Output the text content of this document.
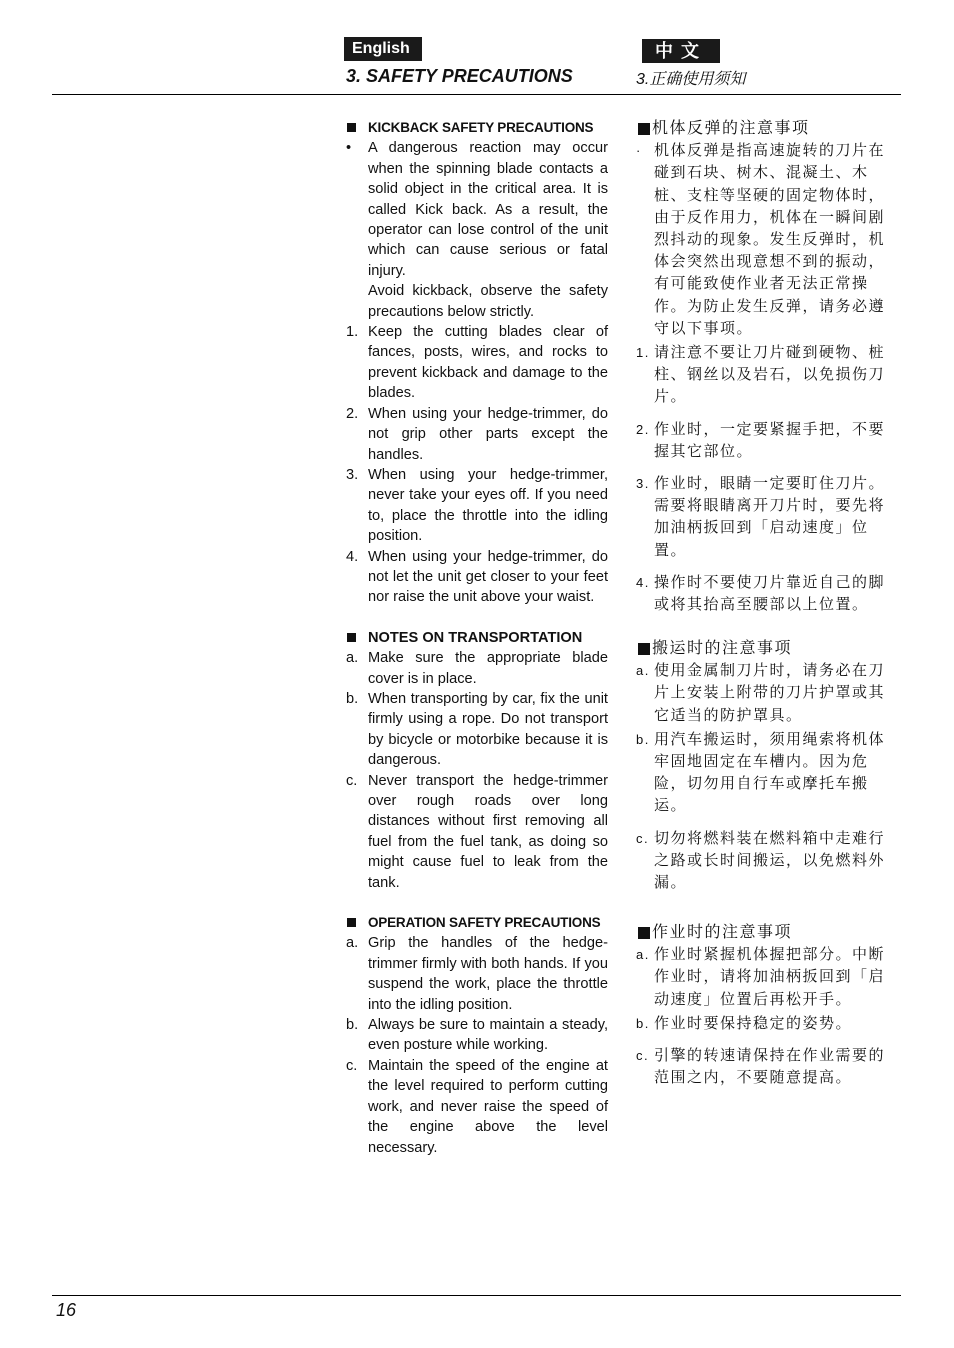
English	中文
3. SAFETY PRECAUTIONS	3.正确使用须知
KICKBACK SAFETY PRECAUTIONS
• A dangerous reaction may occur when the spinning blade contacts a solid object in the critical area. It is called Kick back. As a result, the operator can lose control of the unit which can cause serious or fatal injury.
Avoid kickback, observe the safety precautions below strictly.
1. Keep the cutting blades clear of fances, posts, wires, and rocks to prevent kickback and damage to the blades.
2. When using your hedge-trimmer, do not grip other parts except the handles.
3. When using your hedge-trimmer, never take your eyes off. If you need to, place the throttle into the idling position.
4. When using your hedge-trimmer, do not let the unit get closer to your feet nor raise the unit above your waist.
NOTES ON TRANSPORTATION
a. Make sure the appropriate blade cover is in place.
b. When transporting by car, fix the unit firmly using a rope. Do not transport by bicycle or motorbike because it is dangerous.
c. Never transport the hedge-trimmer over rough roads over long distances without first removing all fuel from the fuel tank, as doing so might cause fuel to leak from the tank.
OPERATION SAFETY PRECAUTIONS
a. Grip the handles of the hedge-trimmer firmly with both hands. If you suspend the work, place the throttle into the idling position.
b. Always be sure to maintain a steady, even posture while working.
c. Maintain the speed of the engine at the level required to perform cutting work, and never raise the speed of the engine above the level necessary.
机体反弹的注意事项
· 机体反弹是指高速旋转的刀片在碰到石块、树木、混凝土、木桩、支柱等坚硬的固定物体时，由于反作用力，机体在一瞬间剧烈抖动的现象。发生反弹时，机体会突然出现意想不到的振动，有可能致使作业者无法正常操作。为防止发生反弹，请务必遵守以下事项。
1. 请注意不要让刀片碰到硬物、桩柱、钢丝以及岩石，以免损伤刀片。
2. 作业时，一定要紧握手把，不要握其它部位。
3. 作业时，眼睛一定要盯住刀片。需要将眼睛离开刀片时，要先将加油柄扳回到「启动速度」位置。
4. 操作时不要使刀片靠近自己的脚或将其抬高至腰部以上位置。
搬运时的注意事项
a. 使用金属制刀片时，请务必在刀片上安装上附带的刀片护罩或其它适当的防护罩具。
b. 用汽车搬运时，须用绳索将机体牢固地固定在车槽内。因为危险，切勿用自行车或摩托车搬运。
c. 切勿将燃料装在燃料箱中走难行之路或长时间搬运，以免燃料外漏。
作业时的注意事项
a. 作业时紧握机体握把部分。中断作业时，请将加油柄扳回到「启动速度」位置后再松开手。
b. 作业时要保持稳定的姿势。
c. 引擎的转速请保持在作业需要的范围之内，不要随意提高。
16
